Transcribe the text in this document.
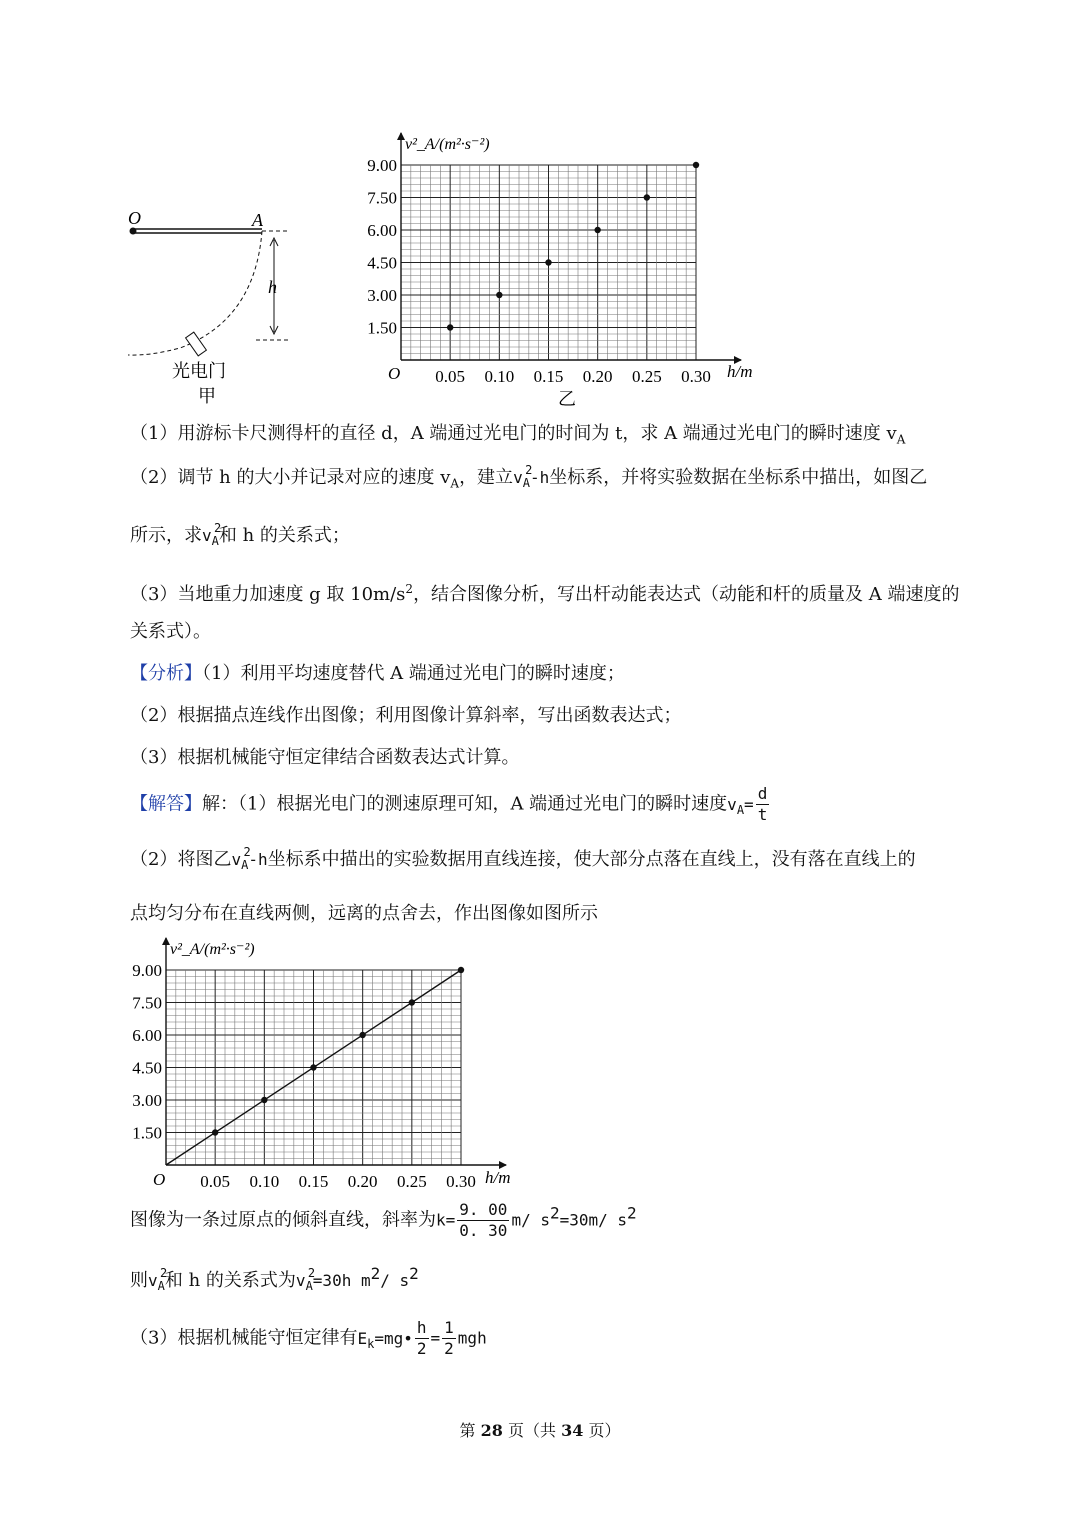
O	A
h
光电门
甲
0.05 0.10 0.15 0.20 0.25 0.30
9.00
7.50
6.00
4.50
3.00
1.50
v²_A/(m²·s⁻²)
h/m
O
乙
（1）用游标卡尺测得杆的直径 d，A 端通过光电门的时间为 t，求 A 端通过光电门的瞬时速度 $v_A$
（2）调节 h 的大小并记录对应的速度 $v_A$，建立$v_A$
2
-h坐标系，并将实验数据在坐标系中描出，如图乙
所示，求$v_A$
2
和 h 的关系式；
（3）当地重力加速度 g 取 $10m/s^2$，结合图像分析，写出杆动能表达式（动能和杆的质量及 A 端速度的
关系式）。
【分析】（1）利用平均速度替代 A 端通过光电门的瞬时速度；
（2）根据描点连线作出图像；利用图像计算斜率，写出函数表达式；
（3）根据机械能守恒定律结合函数表达式计算。
【解答】解：（1）根据光电门的测速原理可知，A 端通过光电门的瞬时速度$v_A= \frac{d}{t}$
（2）将图乙$v_A$
2
-h坐标系中描出的实验数据用直线连接，使大部分点落在直线上，没有落在直线上的
点均匀分布在直线两侧，远离的点舍去，作出图像如图所示
0.05 0.10 0.15 0.20 0.25 0.30
9.00
7.50
6.00
4.50
3.00
1.50
v²_A/(m²·s⁻²)
h/m
O
图像为一条过原点的倾斜直线，斜率为$k= \frac{9. 00}{0. 30} m/$ $s^2=30m/$ $s^2$
则$v_A$
2
和 h 的关系式为$v_A$
2
=30h $m^2/$ $s^2$
（3）根据机械能守恒定律有$E_k=mg• \frac{h}{2} = \frac{1}{2}$ mgh
第 28 页（共 34 页）
